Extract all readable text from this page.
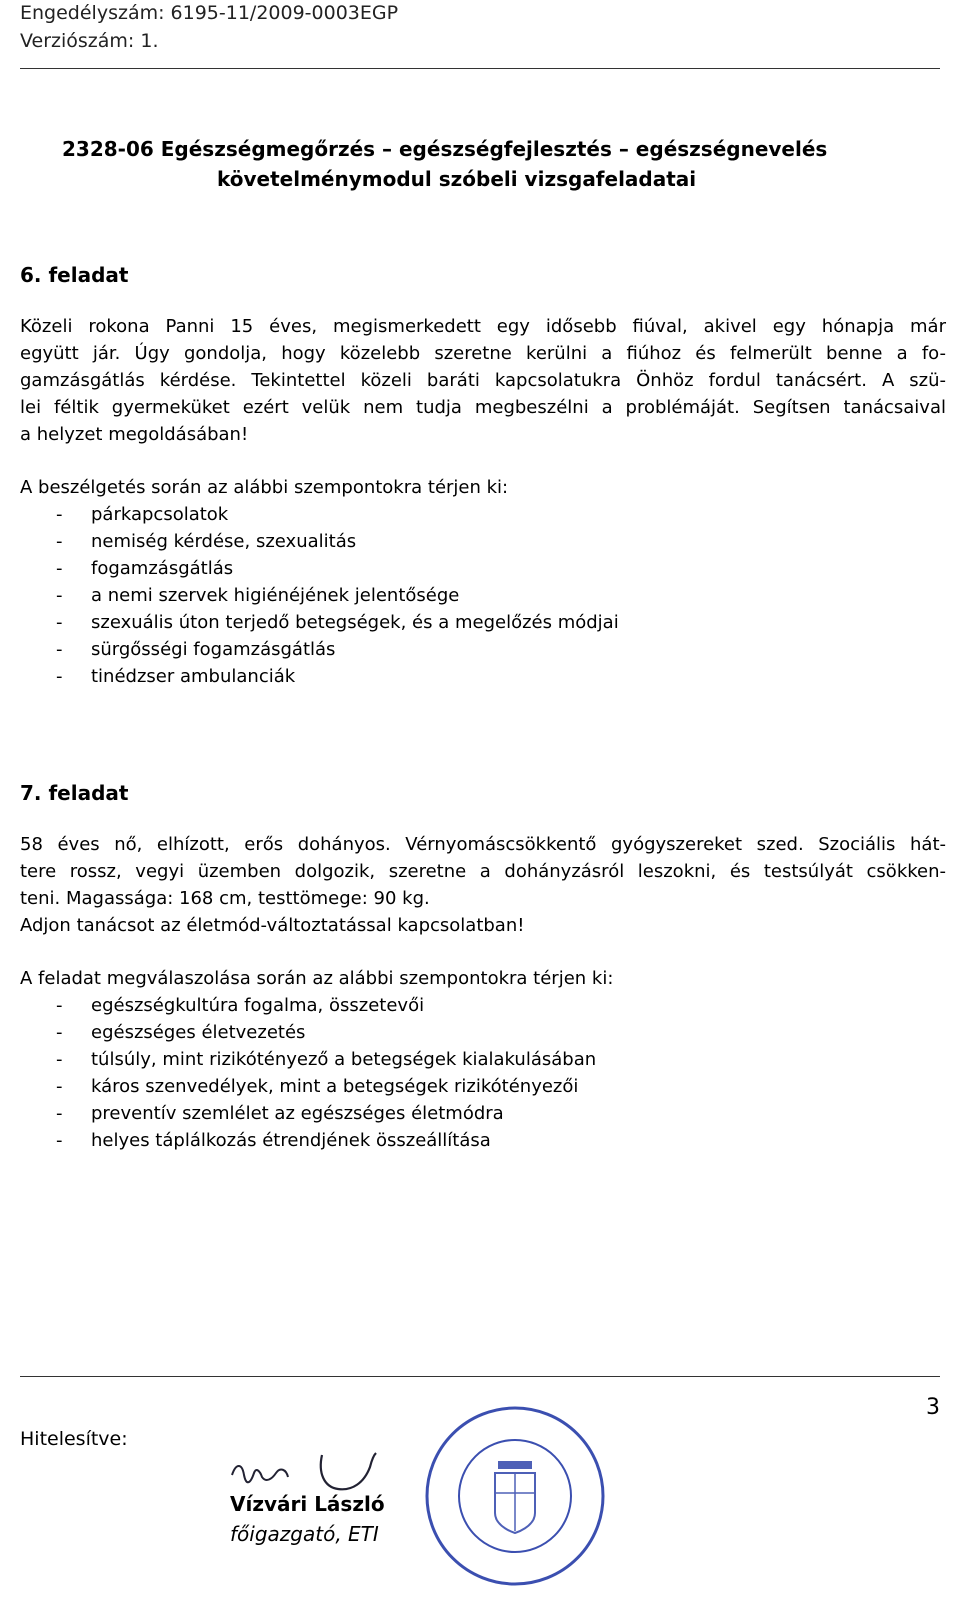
Engedélyszám: 6195-11/2009-0003EGP
Verziószám: 1.
2328-06 Egészségmegőrzés – egészségfejlesztés – egészségnevelés
követelménymodul szóbeli vizsgafeladatai
6. feladat
Közeli rokona Panni 15 éves, megismerkedett egy idősebb fiúval, akivel egy hónapja már
együtt jár. Úgy gondolja, hogy közelebb szeretne kerülni a fiúhoz és felmerült benne a fo-
gamzásgátlás kérdése. Tekintettel közeli baráti kapcsolatukra Önhöz fordul tanácsért. A szü-
lei féltik gyermeküket ezért velük nem tudja megbeszélni a problémáját. Segítsen tanácsaival
a helyzet megoldásában!
A beszélgetés során az alábbi szempontokra térjen ki:
- párkapcsolatok
- nemiség kérdése, szexualitás
- fogamzásgátlás
- a nemi szervek higiénéjének jelentősége
- szexuális úton terjedő betegségek, és a megelőzés módjai
- sürgősségi fogamzásgátlás
- tinédzser ambulanciák
7. feladat
58 éves nő, elhízott, erős dohányos. Vérnyomáscsökkentő gyógyszereket szed. Szociális hát-
tere rossz, vegyi üzemben dolgozik, szeretne a dohányzásról leszokni, és testsúlyát csökken-
teni. Magassága: 168 cm, testtömege: 90 kg.
Adjon tanácsot az életmód-változtatással kapcsolatban!
A feladat megválaszolása során az alábbi szempontokra térjen ki:
- egészségkultúra fogalma, összetevői
- egészséges életvezetés
- túlsúly, mint rizikótényező a betegségek kialakulásában
- káros szenvedélyek, mint a betegségek rizikótényezői
- preventív szemlélet az egészséges életmódra
- helyes táplálkozás étrendjének összeállítása
3
Hitelesítve:
Vízvári László
főigazgató, ETI
